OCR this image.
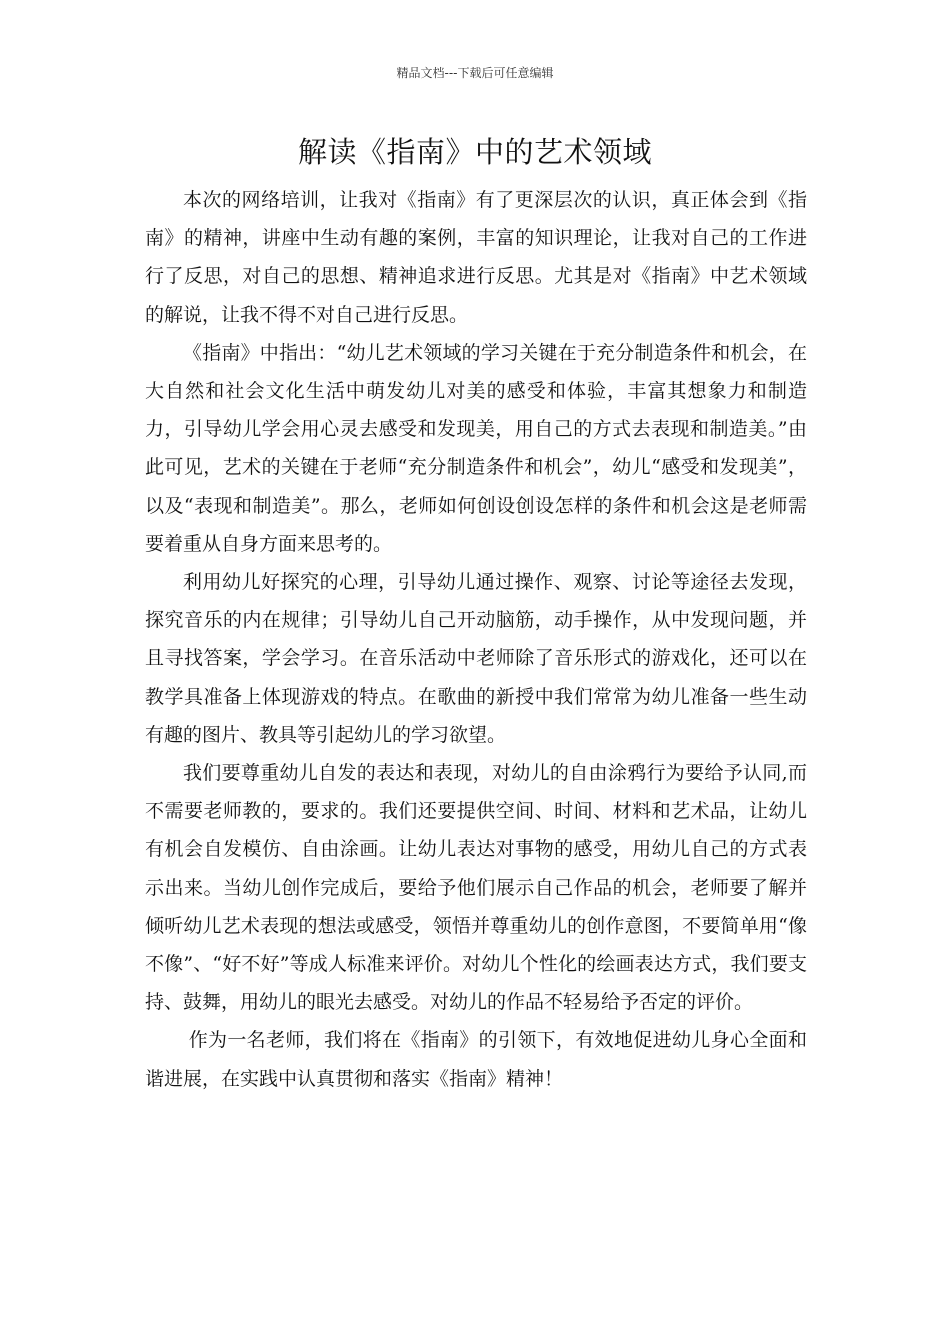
精品文档---下载后可任意编辑
解读《指南》中的艺术领域

本次的网络培训，让我对《指南》有了更深层次的认识，真正体会到《指南》的精神，讲座中生动有趣的案例，丰富的知识理论，让我对自己的工作进行了反思，对自己的思想、精神追求进行反思。尤其是对《指南》中艺术领域的解说，让我不得不对自己进行反思。

《指南》中指出：“幼儿艺术领域的学习关键在于充分制造条件和机会，在大自然和社会文化生活中萌发幼儿对美的感受和体验，丰富其想象力和制造力，引导幼儿学会用心灵去感受和发现美，用自己的方式去表现和制造美。”由此可见，艺术的关键在于老师“充分制造条件和机会”，幼儿“感受和发现美”，以及“表现和制造美”。那么，老师如何创设创设怎样的条件和机会这是老师需要着重从自身方面来思考的。

利用幼儿好探究的心理，引导幼儿通过操作、观察、讨论等途径去发现，探究音乐的内在规律；引导幼儿自己开动脑筋，动手操作，从中发现问题，并且寻找答案，学会学习。在音乐活动中老师除了音乐形式的游戏化，还可以在教学具准备上体现游戏的特点。在歌曲的新授中我们常常为幼儿准备一些生动有趣的图片、教具等引起幼儿的学习欲望。

我们要尊重幼儿自发的表达和表现，对幼儿的自由涂鸦行为要给予认同,而不需要老师教的，要求的。我们还要提供空间、时间、材料和艺术品，让幼儿有机会自发模仿、自由涂画。让幼儿表达对事物的感受，用幼儿自己的方式表示出来。当幼儿创作完成后，要给予他们展示自己作品的机会，老师要了解并倾听幼儿艺术表现的想法或感受，领悟并尊重幼儿的创作意图，不要简单用“像不像”、“好不好”等成人标准来评价。对幼儿个性化的绘画表达方式，我们要支持、鼓舞，用幼儿的眼光去感受。对幼儿的作品不轻易给予否定的评价。

作为一名老师，我们将在《指南》的引领下，有效地促进幼儿身心全面和谐进展，在实践中认真贯彻和落实《指南》精神！
